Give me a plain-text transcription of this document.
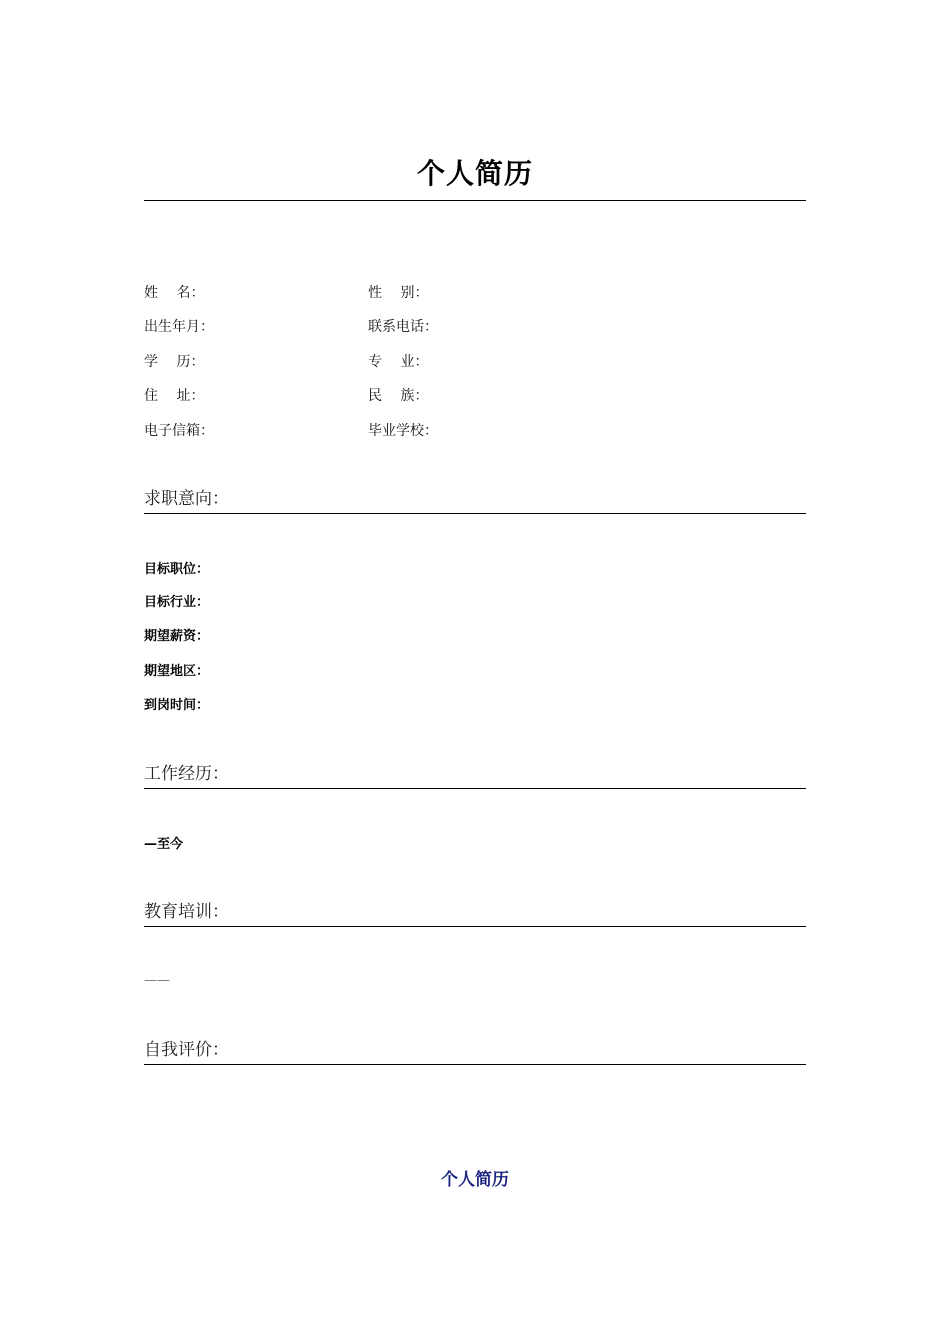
个人简历
姓　 名：	性　 别：
出生年月：	联系电话：
学　 历：	专　 业：
住　 址：	民　 族：
电子信箱：	毕业学校：
求职意向：
目标职位：
目标行业：
期望薪资：
期望地区：
到岗时间：
工作经历：
—至今
教育培训：
——
自我评价：
个人简历
